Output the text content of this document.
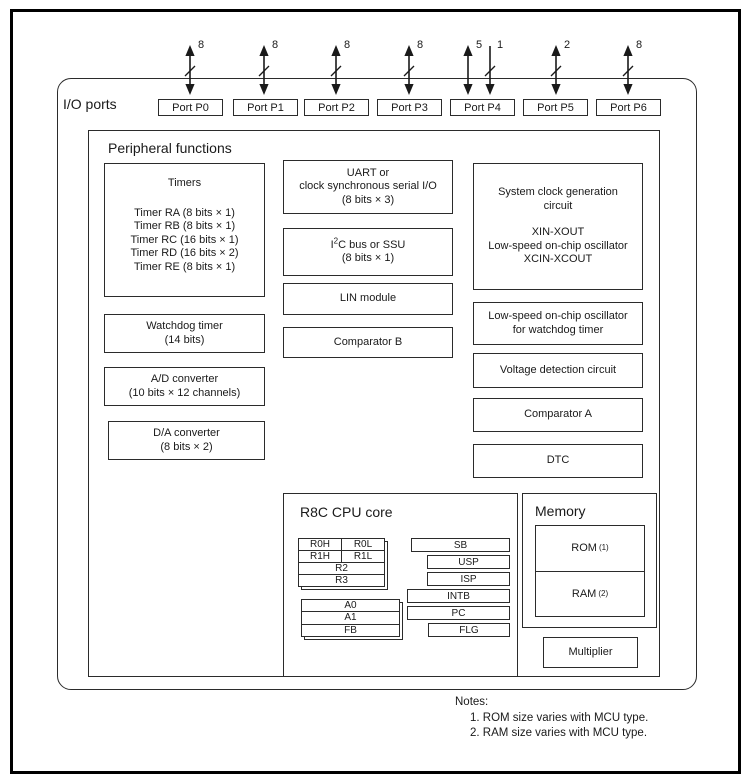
I/O ports
8	8	8	8	5 1	2	8
Port P0	Port P1	Port P2	Port P3	Port P4	Port P5	Port P6
Peripheral functions
Timers
Timer RA (8 bits × 1)
Timer RB (8 bits × 1)
Timer RC (16 bits × 1)
Timer RD (16 bits × 2)
Timer RE (8 bits × 1)
Watchdog timer
(14 bits)
A/D converter
(10 bits × 12 channels)
D/A converter
(8 bits × 2)
UART or
clock synchronous serial I/O
(8 bits × 3)
I$^2$C bus or SSU
(8 bits × 1)
LIN module
Comparator B
System clock generation
circuit
XIN-XOUT
Low-speed on-chip oscillator
XCIN-XCOUT
Low-speed on-chip oscillator
for watchdog timer
Voltage detection circuit
Comparator A
DTC
R8C CPU core
R0H	R0L
R1H	R1L
R2
R3
A0
A1
FB
SB
USP
ISP
INTB
PC
FLG
Memory
ROM (1)
RAM (2)
Multiplier
Notes:
1. ROM size varies with MCU type.
2. RAM size varies with MCU type.
